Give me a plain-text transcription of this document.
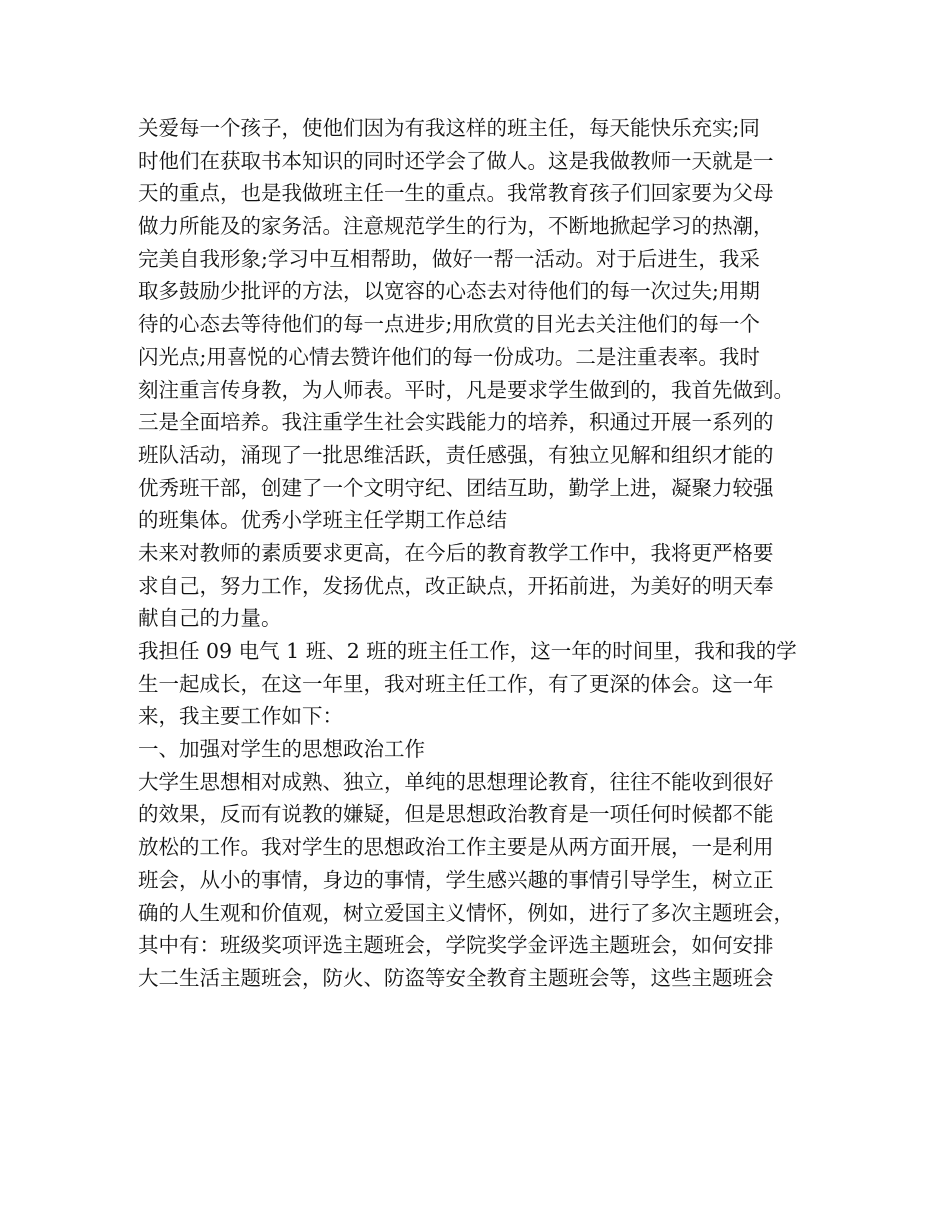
关爱每一个孩子，使他们因为有我这样的班主任，每天能快乐充实;同
时他们在获取书本知识的同时还学会了做人。这是我做教师一天就是一
天的重点，也是我做班主任一生的重点。我常教育孩子们回家要为父母
做力所能及的家务活。注意规范学生的行为，不断地掀起学习的热潮，
完美自我形象;学习中互相帮助，做好一帮一活动。对于后进生，我采
取多鼓励少批评的方法，以宽容的心态去对待他们的每一次过失;用期
待的心态去等待他们的每一点进步;用欣赏的目光去关注他们的每一个
闪光点;用喜悦的心情去赞许他们的每一份成功。二是注重表率。我时
刻注重言传身教，为人师表。平时，凡是要求学生做到的，我首先做到。
三是全面培养。我注重学生社会实践能力的培养，积通过开展一系列的
班队活动，涌现了一批思维活跃，责任感强，有独立见解和组织才能的
优秀班干部，创建了一个文明守纪、团结互助，勤学上进，凝聚力较强
的班集体。优秀小学班主任学期工作总结
未来对教师的素质要求更高，在今后的教育教学工作中，我将更严格要
求自己，努力工作，发扬优点，改正缺点，开拓前进，为美好的明天奉
献自己的力量。
我担任 09 电气 1 班、2 班的班主任工作，这一年的时间里，我和我的学
生一起成长，在这一年里，我对班主任工作，有了更深的体会。这一年
来，我主要工作如下：
一、加强对学生的思想政治工作
大学生思想相对成熟、独立，单纯的思想理论教育，往往不能收到很好
的效果，反而有说教的嫌疑，但是思想政治教育是一项任何时候都不能
放松的工作。我对学生的思想政治工作主要是从两方面开展，一是利用
班会，从小的事情，身边的事情，学生感兴趣的事情引导学生，树立正
确的人生观和价值观，树立爱国主义情怀，例如，进行了多次主题班会，
其中有：班级奖项评选主题班会，学院奖学金评选主题班会，如何安排
大二生活主题班会，防火、防盗等安全教育主题班会等，这些主题班会
